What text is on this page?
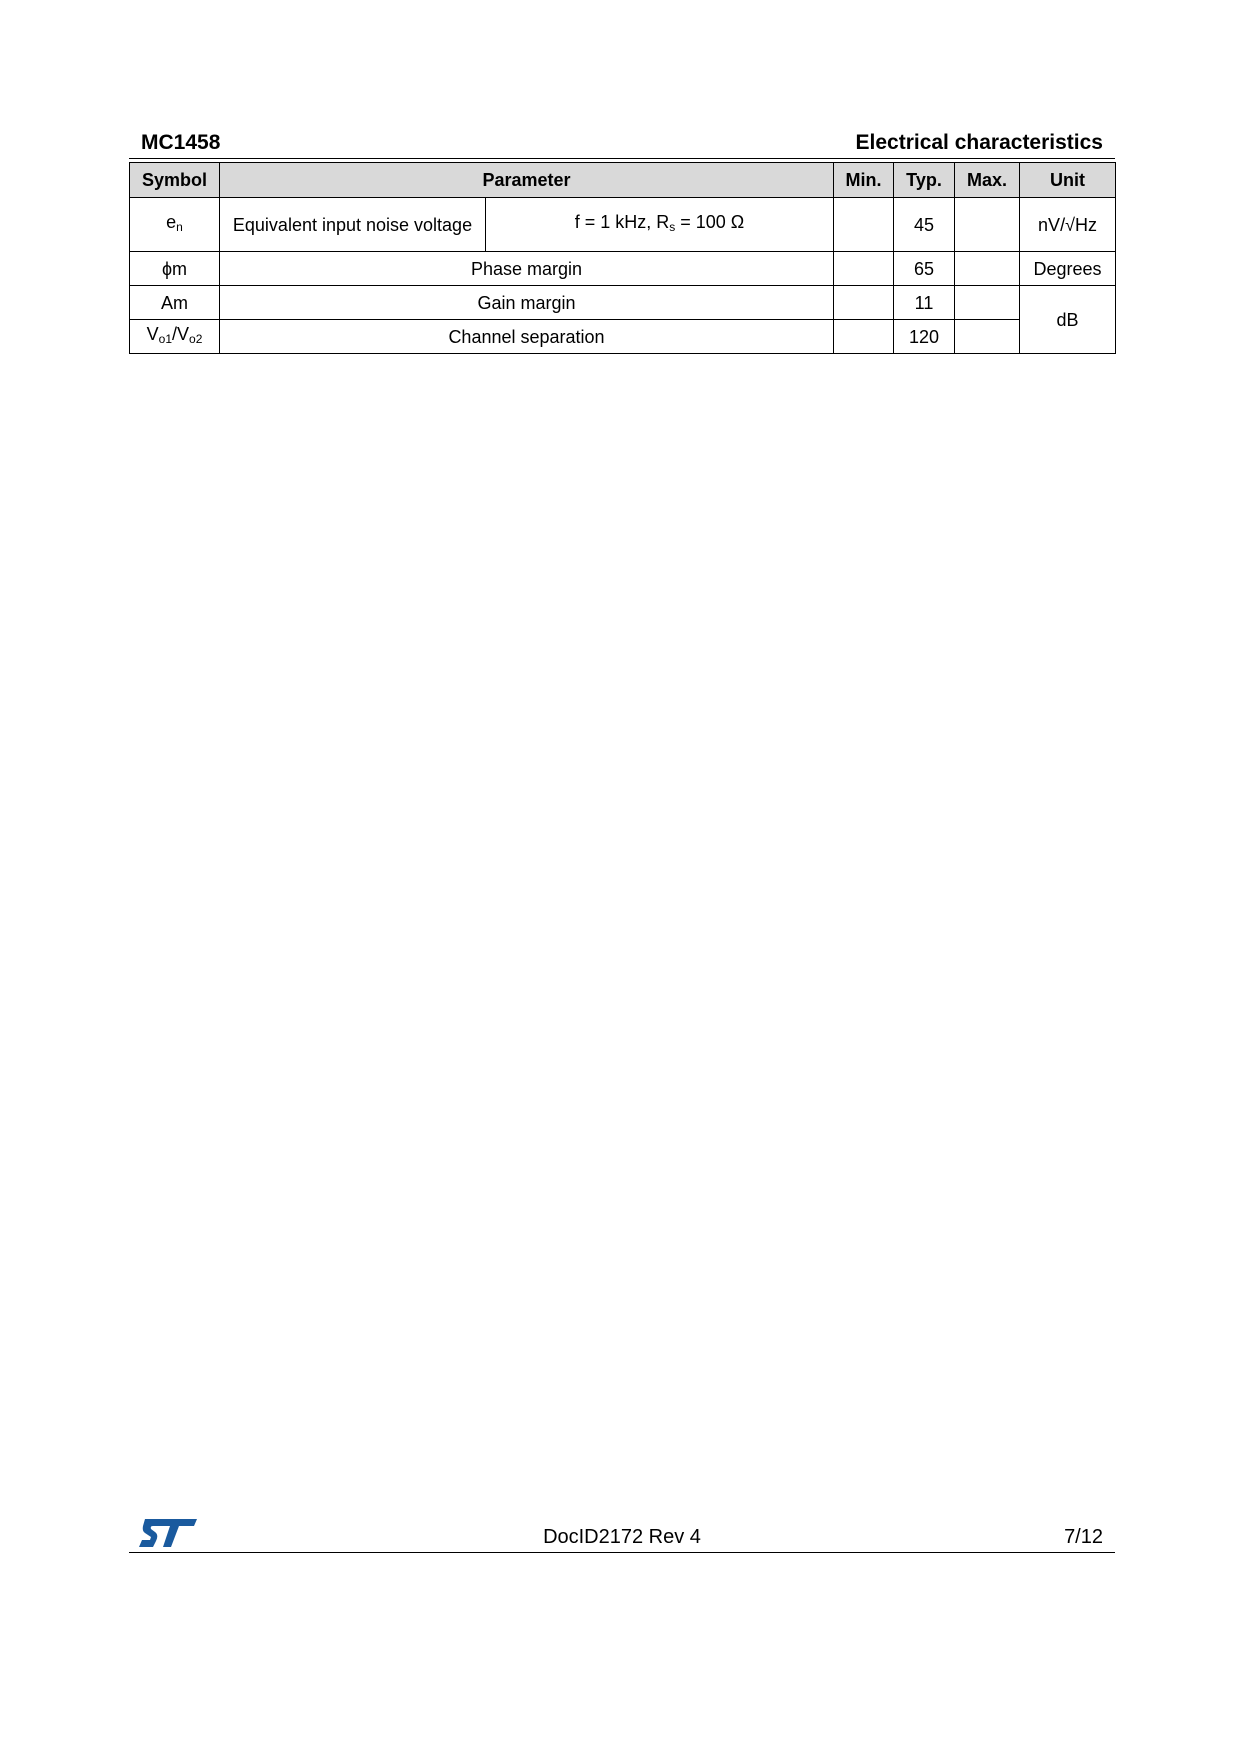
MC1458	Electrical characteristics
Symbol	Parameter		Min.	Typ.	Max.	Unit
$e_n$	Equivalent input noise voltage	f = 1 kHz, $R_s = 100$ Ω		45		nV/√Hz
ϕm	Phase margin			65		Degrees
Am	Gain margin			11		dB
$V_{o1}/V_{o2}$	Channel separation			120		
DocID2172 Rev 4	7/12
